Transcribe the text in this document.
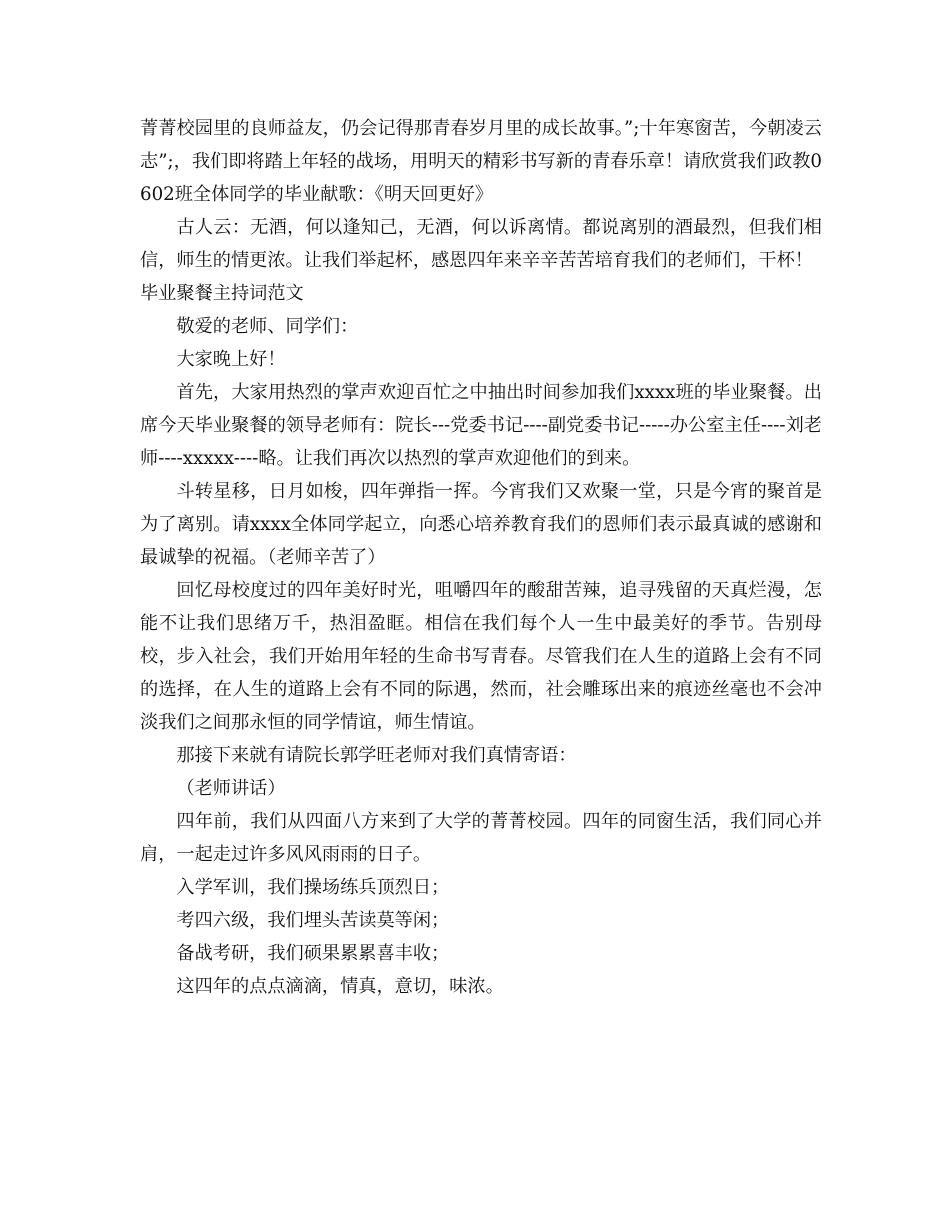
菁菁校园里的良师益友，仍会记得那青春岁月里的成长故事。”;十年寒窗苦，今朝凌云志”;，我们即将踏上年轻的战场，用明天的精彩书写新的青春乐章！请欣赏我们政教0602班全体同学的毕业献歌：《明天回更好》

古人云：无酒，何以逢知己，无酒，何以诉离情。都说离别的酒最烈，但我们相信，师生的情更浓。让我们举起杯，感恩四年来辛辛苦苦培育我们的老师们，干杯！

毕业聚餐主持词范文

敬爱的老师、同学们：

大家晚上好！

首先，大家用热烈的掌声欢迎百忙之中抽出时间参加我们xxxx班的毕业聚餐。出席今天毕业聚餐的领导老师有：院长---党委书记----副党委书记-----办公室主任----刘老师----xxxxx----略。让我们再次以热烈的掌声欢迎他们的到来。

斗转星移，日月如梭，四年弹指一挥。今宵我们又欢聚一堂，只是今宵的聚首是为了离别。请xxxx全体同学起立，向悉心培养教育我们的恩师们表示最真诚的感谢和最诚挚的祝福。（老师辛苦了）

回忆母校度过的四年美好时光，咀嚼四年的酸甜苦辣，追寻残留的天真烂漫，怎能不让我们思绪万千，热泪盈眶。相信在我们每个人一生中最美好的季节。告别母校，步入社会，我们开始用年轻的生命书写青春。尽管我们在人生的道路上会有不同的选择，在人生的道路上会有不同的际遇，然而，社会雕琢出来的痕迹丝毫也不会冲淡我们之间那永恒的同学情谊，师生情谊。

那接下来就有请院长郭学旺老师对我们真情寄语：

（老师讲话）

四年前，我们从四面八方来到了大学的菁菁校园。四年的同窗生活，我们同心并肩，一起走过许多风风雨雨的日子。

入学军训，我们操场练兵顶烈日；

考四六级，我们埋头苦读莫等闲；

备战考研，我们硕果累累喜丰收；

这四年的点点滴滴，情真，意切，味浓。
